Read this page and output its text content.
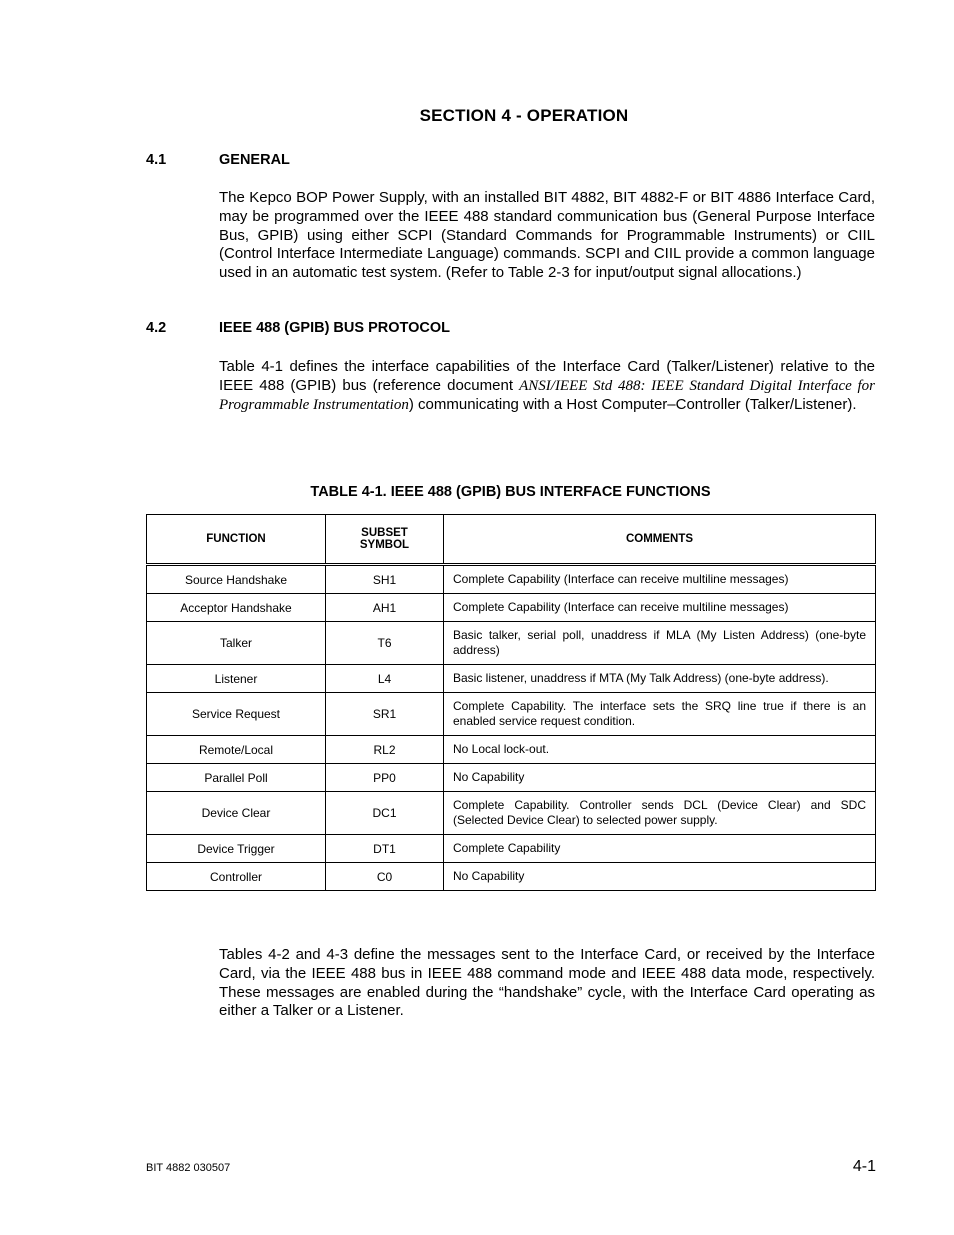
SECTION 4 - OPERATION
4.1	GENERAL
The Kepco BOP Power Supply, with an installed BIT 4882, BIT 4882-F or BIT 4886 Interface Card, may be programmed over the IEEE 488 standard communication bus (General Purpose Interface Bus, GPIB) using either SCPI (Standard Commands for Programmable Instruments) or CIIL (Control Interface Intermediate Language) commands. SCPI and CIIL provide a common language used in an automatic test system. (Refer to Table 2-3 for input/output signal allocations.)
4.2	IEEE 488 (GPIB) BUS PROTOCOL
Table 4-1 defines the interface capabilities of the Interface Card (Talker/Listener) relative to the IEEE 488 (GPIB) bus (reference document ANSI/IEEE Std 488: IEEE Standard Digital Interface for Programmable Instrumentation) communicating with a Host Computer–Controller (Talker/Listener).
TABLE 4-1. IEEE 488 (GPIB) BUS INTERFACE FUNCTIONS
FUNCTION	SUBSET SYMBOL	COMMENTS
Source Handshake	SH1	Complete Capability (Interface can receive multiline messages)
Acceptor Handshake	AH1	Complete Capability (Interface can receive multiline messages)
Talker	T6	Basic talker, serial poll, unaddress if MLA (My Listen Address) (one-byte address)
Listener	L4	Basic listener, unaddress if MTA (My Talk Address) (one-byte address).
Service Request	SR1	Complete Capability. The interface sets the SRQ line true if there is an enabled service request condition.
Remote/Local	RL2	No Local lock-out.
Parallel Poll	PP0	No Capability
Device Clear	DC1	Complete Capability. Controller sends DCL (Device Clear) and SDC (Selected Device Clear) to selected power supply.
Device Trigger	DT1	Complete Capability
Controller	C0	No Capability
Tables 4-2 and 4-3 define the messages sent to the Interface Card, or received by the Interface Card, via the IEEE 488 bus in IEEE 488 command mode and IEEE 488 data mode, respectively. These messages are enabled during the “handshake” cycle, with the Interface Card operating as either a Talker or a Listener.
BIT 4882 030507	4-1
